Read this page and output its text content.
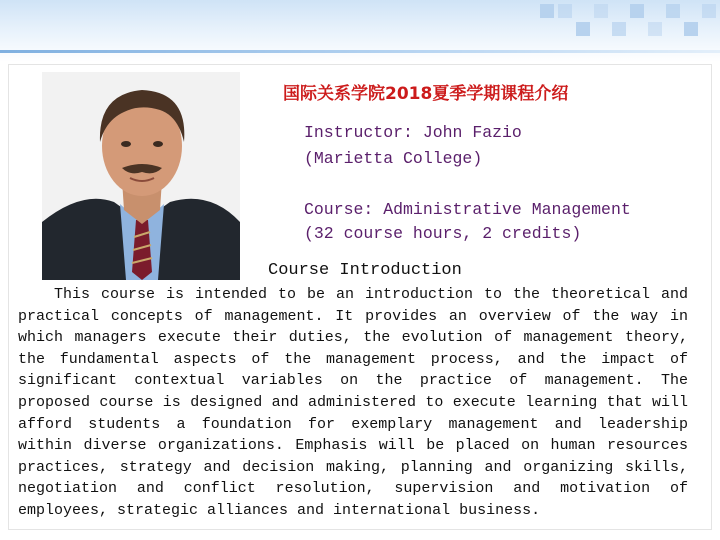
国际关系学院2018夏季学期课程介绍
Instructor: John Fazio
(Marietta College)
Course: Administrative Management
(32 course hours, 2 credits)
Course Introduction

This course is intended to be an introduction to the theoretical and practical concepts of management. It provides an overview of the way in which managers execute their duties, the evolution of management theory, the fundamental aspects of the management process, and the impact of significant contextual variables on the practice of management. The proposed course is designed and administered to execute learning that will afford students a foundation for exemplary management and leadership within diverse organizations. Emphasis will be placed on human resources practices, strategy and decision making, planning and organizing skills, negotiation and conflict resolution, supervision and motivation of employees, strategic alliances and international business.
